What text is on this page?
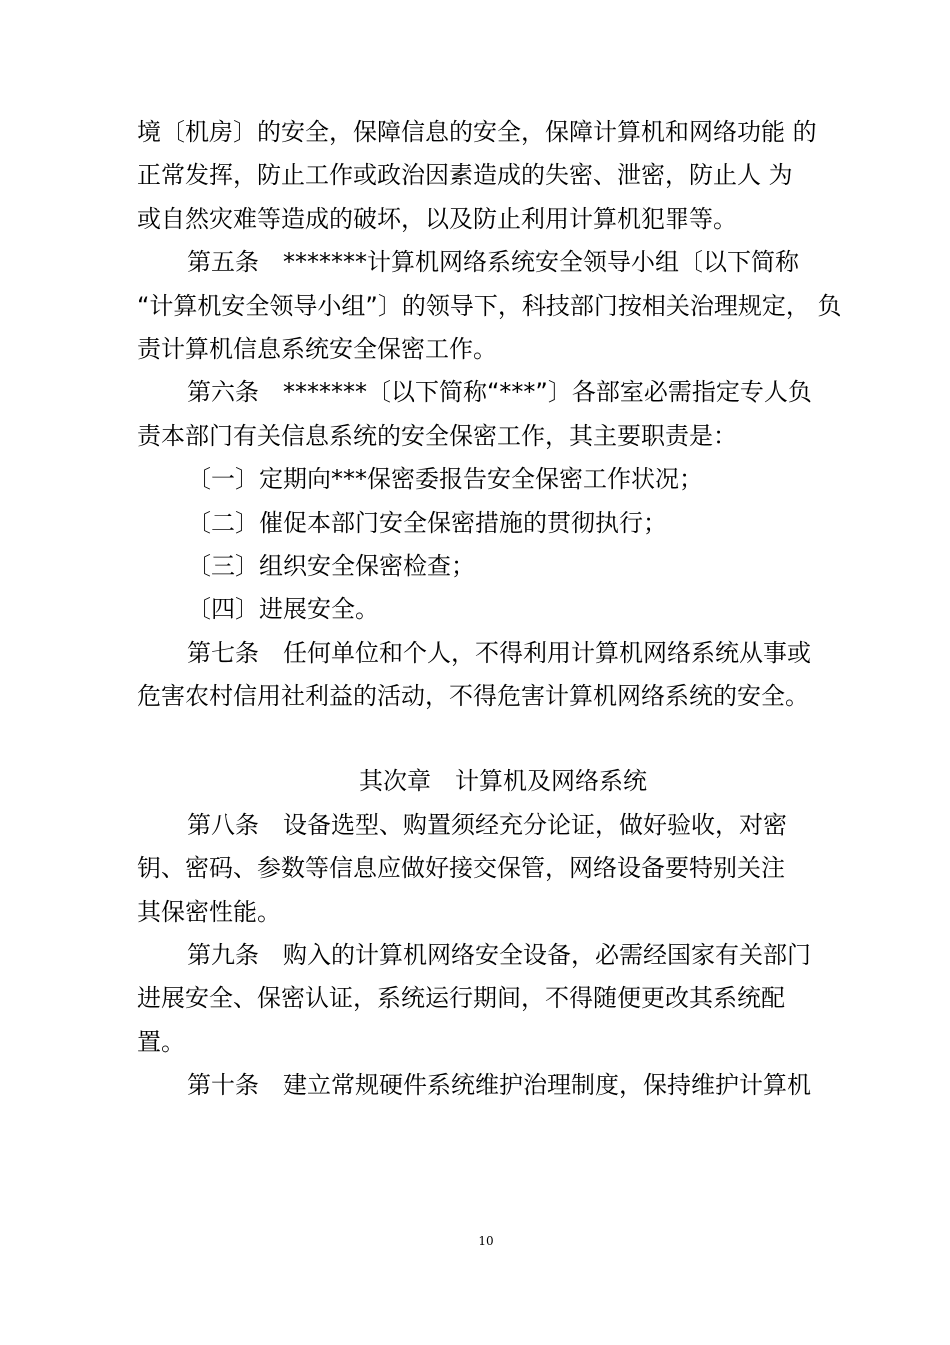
境〔机房〕的安全，保障信息的安全，保障计算机和网络功能 的
正常发挥，防止工作或政治因素造成的失密、泄密，防止人 为
或自然灾难等造成的破坏，以及防止利用计算机犯罪等。
第五条　*******计算机网络系统安全领导小组〔以下简称
“计算机安全领导小组”〕的领导下，科技部门按相关治理规定， 负
责计算机信息系统安全保密工作。
第六条　*******〔以下简称“***”〕各部室必需指定专人负
责本部门有关信息系统的安全保密工作，其主要职责是：
〔一〕定期向***保密委报告安全保密工作状况；
〔二〕催促本部门安全保密措施的贯彻执行；
〔三〕组织安全保密检查；
〔四〕进展安全。
第七条　任何单位和个人，不得利用计算机网络系统从事或
危害农村信用社利益的活动，不得危害计算机网络系统的安全。
其次章　计算机及网络系统
第八条　设备选型、购置须经充分论证，做好验收，对密
钥、密码、参数等信息应做好接交保管，网络设备要特别关注
其保密性能。
第九条　购入的计算机网络安全设备，必需经国家有关部门
进展安全、保密认证，系统运行期间，不得随便更改其系统配
置。
第十条　建立常规硬件系统维护治理制度，保持维护计算机
10
